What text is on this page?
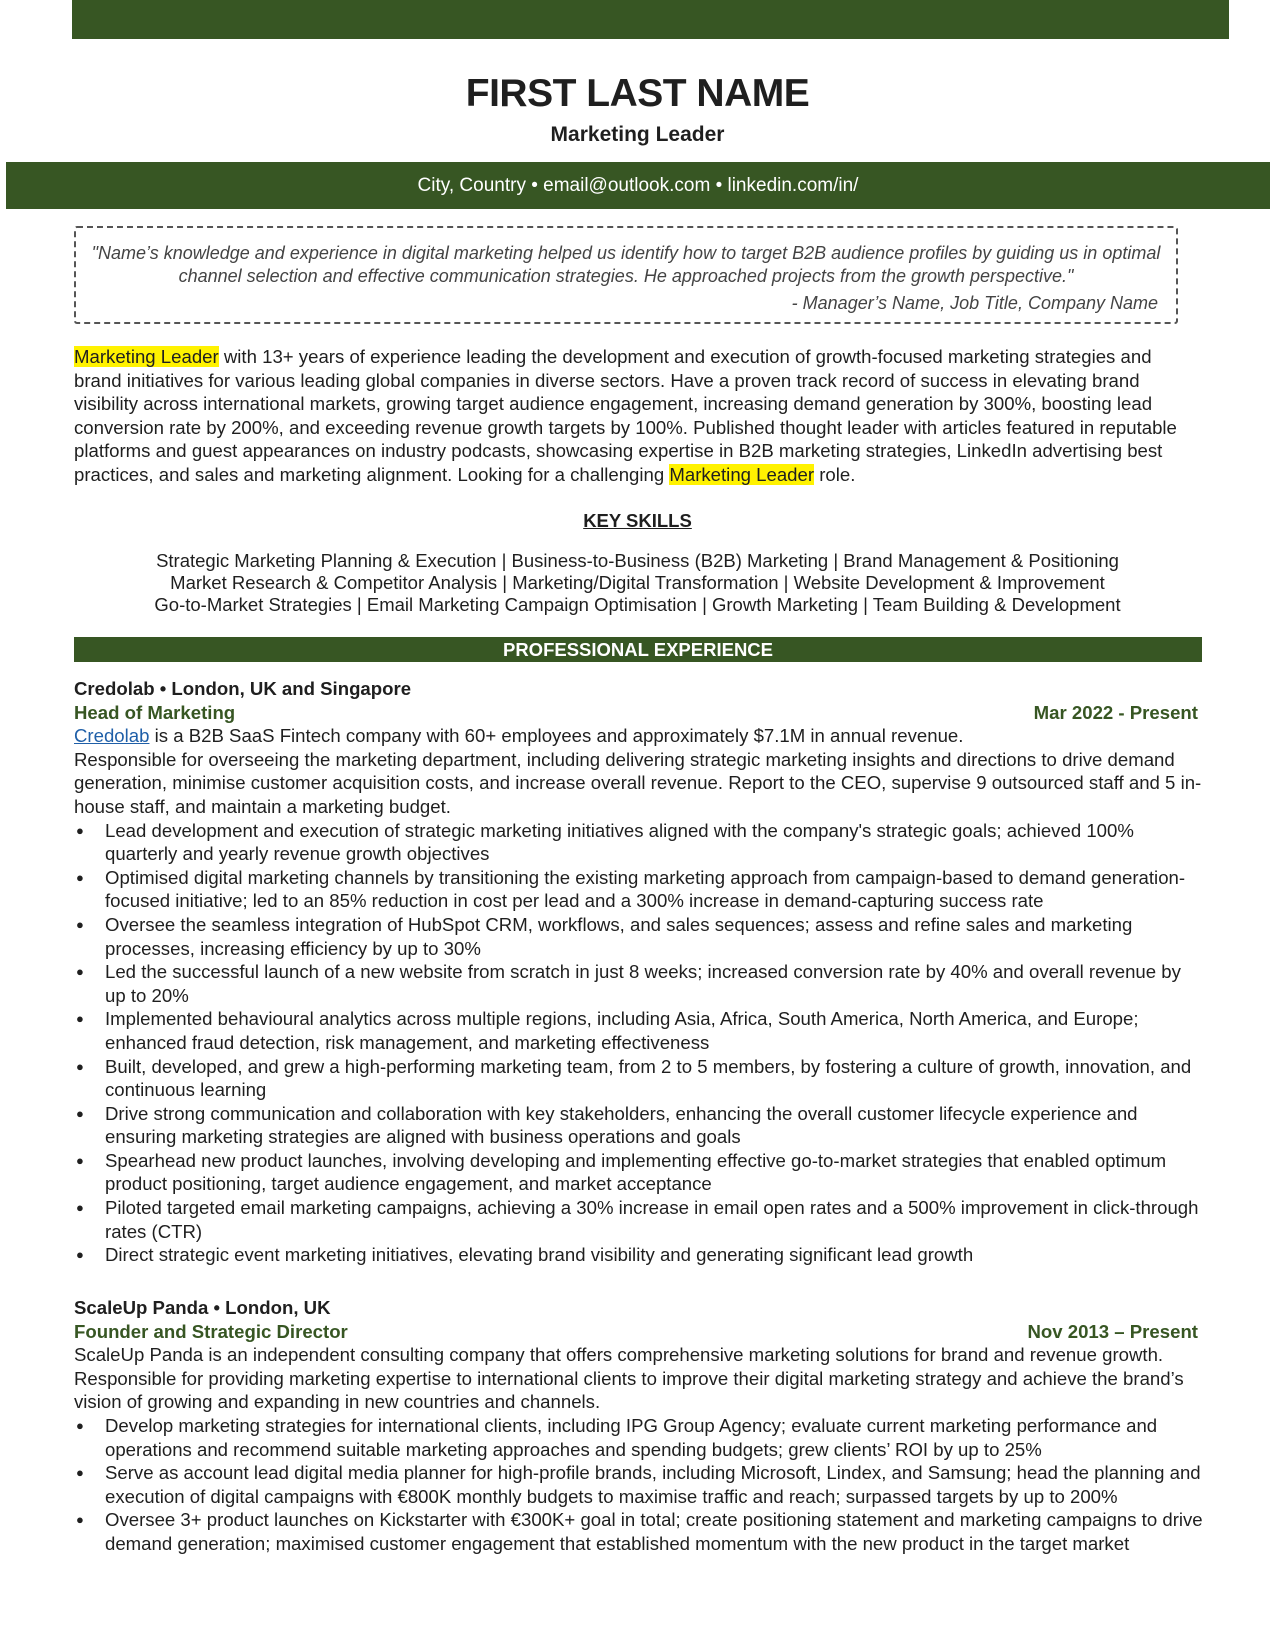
FIRST LAST NAME
Marketing Leader
City, Country • email@outlook.com • linkedin.com/in/
"Name’s knowledge and experience in digital marketing helped us identify how to target B2B audience profiles by guiding us in optimal channel selection and effective communication strategies. He approached projects from the growth perspective."
- Manager’s Name, Job Title, Company Name

Marketing Leader with 13+ years of experience leading the development and execution of growth-focused marketing strategies and brand initiatives for various leading global companies in diverse sectors. Have a proven track record of success in elevating brand visibility across international markets, growing target audience engagement, increasing demand generation by 300%, boosting lead conversion rate by 200%, and exceeding revenue growth targets by 100%. Published thought leader with articles featured in reputable platforms and guest appearances on industry podcasts, showcasing expertise in B2B marketing strategies, LinkedIn advertising best practices, and sales and marketing alignment. Looking for a challenging Marketing Leader role.

KEY SKILLS
Strategic Marketing Planning & Execution | Business-to-Business (B2B) Marketing | Brand Management & Positioning
Market Research & Competitor Analysis | Marketing/Digital Transformation | Website Development & Improvement
Go-to-Market Strategies | Email Marketing Campaign Optimisation | Growth Marketing | Team Building & Development
PROFESSIONAL EXPERIENCE
Credolab • London, UK and Singapore
Head of Marketing	Mar 2022 - Present
Credolab is a B2B SaaS Fintech company with 60+ employees and approximately $7.1M in annual revenue.
Responsible for overseeing the marketing department, including delivering strategic marketing insights and directions to drive demand generation, minimise customer acquisition costs, and increase overall revenue. Report to the CEO, supervise 9 outsourced staff and 5 in-house staff, and maintain a marketing budget.
● Lead development and execution of strategic marketing initiatives aligned with the company's strategic goals; achieved 100% quarterly and yearly revenue growth objectives
● Optimised digital marketing channels by transitioning the existing marketing approach from campaign-based to demand generation-focused initiative; led to an 85% reduction in cost per lead and a 300% increase in demand-capturing success rate
● Oversee the seamless integration of HubSpot CRM, workflows, and sales sequences; assess and refine sales and marketing processes, increasing efficiency by up to 30%
● Led the successful launch of a new website from scratch in just 8 weeks; increased conversion rate by 40% and overall revenue by up to 20%
● Implemented behavioural analytics across multiple regions, including Asia, Africa, South America, North America, and Europe; enhanced fraud detection, risk management, and marketing effectiveness
● Built, developed, and grew a high-performing marketing team, from 2 to 5 members, by fostering a culture of growth, innovation, and continuous learning
● Drive strong communication and collaboration with key stakeholders, enhancing the overall customer lifecycle experience and ensuring marketing strategies are aligned with business operations and goals
● Spearhead new product launches, involving developing and implementing effective go-to-market strategies that enabled optimum product positioning, target audience engagement, and market acceptance
● Piloted targeted email marketing campaigns, achieving a 30% increase in email open rates and a 500% improvement in click-through rates (CTR)
● Direct strategic event marketing initiatives, elevating brand visibility and generating significant lead growth
ScaleUp Panda • London, UK
Founder and Strategic Director	Nov 2013 – Present
ScaleUp Panda is an independent consulting company that offers comprehensive marketing solutions for brand and revenue growth.
Responsible for providing marketing expertise to international clients to improve their digital marketing strategy and achieve the brand’s vision of growing and expanding in new countries and channels.
● Develop marketing strategies for international clients, including IPG Group Agency; evaluate current marketing performance and operations and recommend suitable marketing approaches and spending budgets; grew clients’ ROI by up to 25%
● Serve as account lead digital media planner for high-profile brands, including Microsoft, Lindex, and Samsung; head the planning and execution of digital campaigns with €800K monthly budgets to maximise traffic and reach; surpassed targets by up to 200%
● Oversee 3+ product launches on Kickstarter with €300K+ goal in total; create positioning statement and marketing campaigns to drive demand generation; maximised customer engagement that established momentum with the new product in the target market
